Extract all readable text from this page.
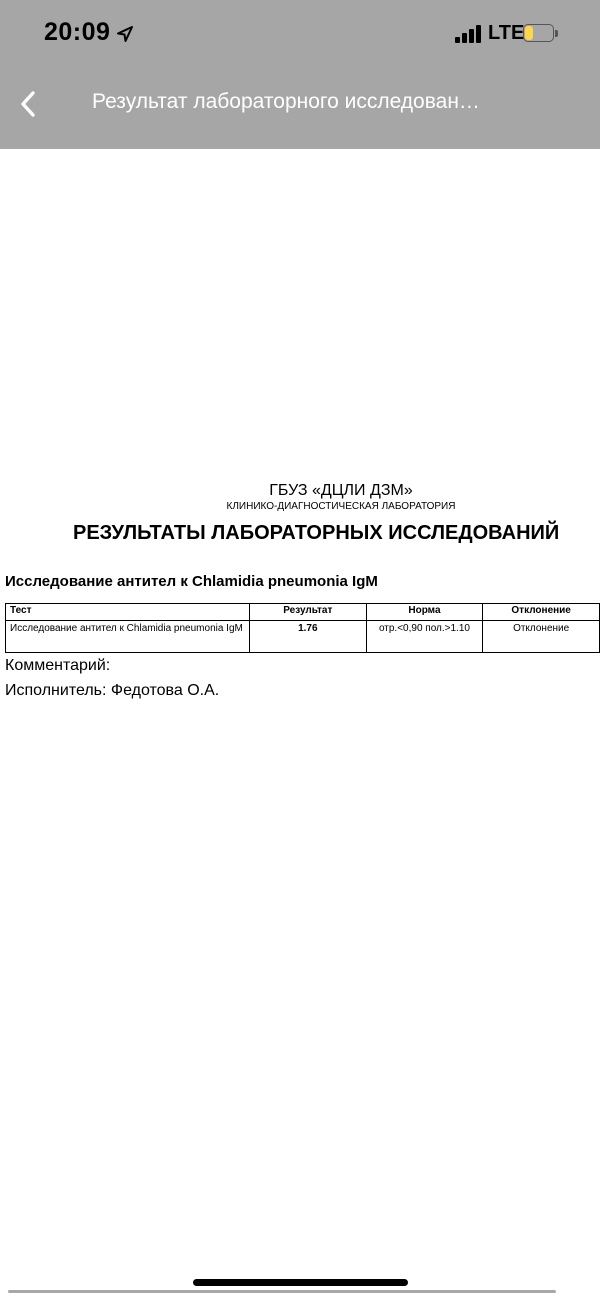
20:09	LTE
Результат лабораторного исследован…
ГБУЗ «ДЦЛИ ДЗМ»
КЛИНИКО-ДИАГНОСТИЧЕСКАЯ ЛАБОРАТОРИЯ
РЕЗУЛЬТАТЫ ЛАБОРАТОРНЫХ ИССЛЕДОВАНИЙ
Исследование антител к Chlamidia pneumonia IgM
Тест	Результат	Норма	Отклонение
Исследование антител к Chlamidia pneumonia IgM	1.76	отр.<0,90 пол.>1.10	Отклонение
Комментарий:
Исполнитель: Федотова О.А.
